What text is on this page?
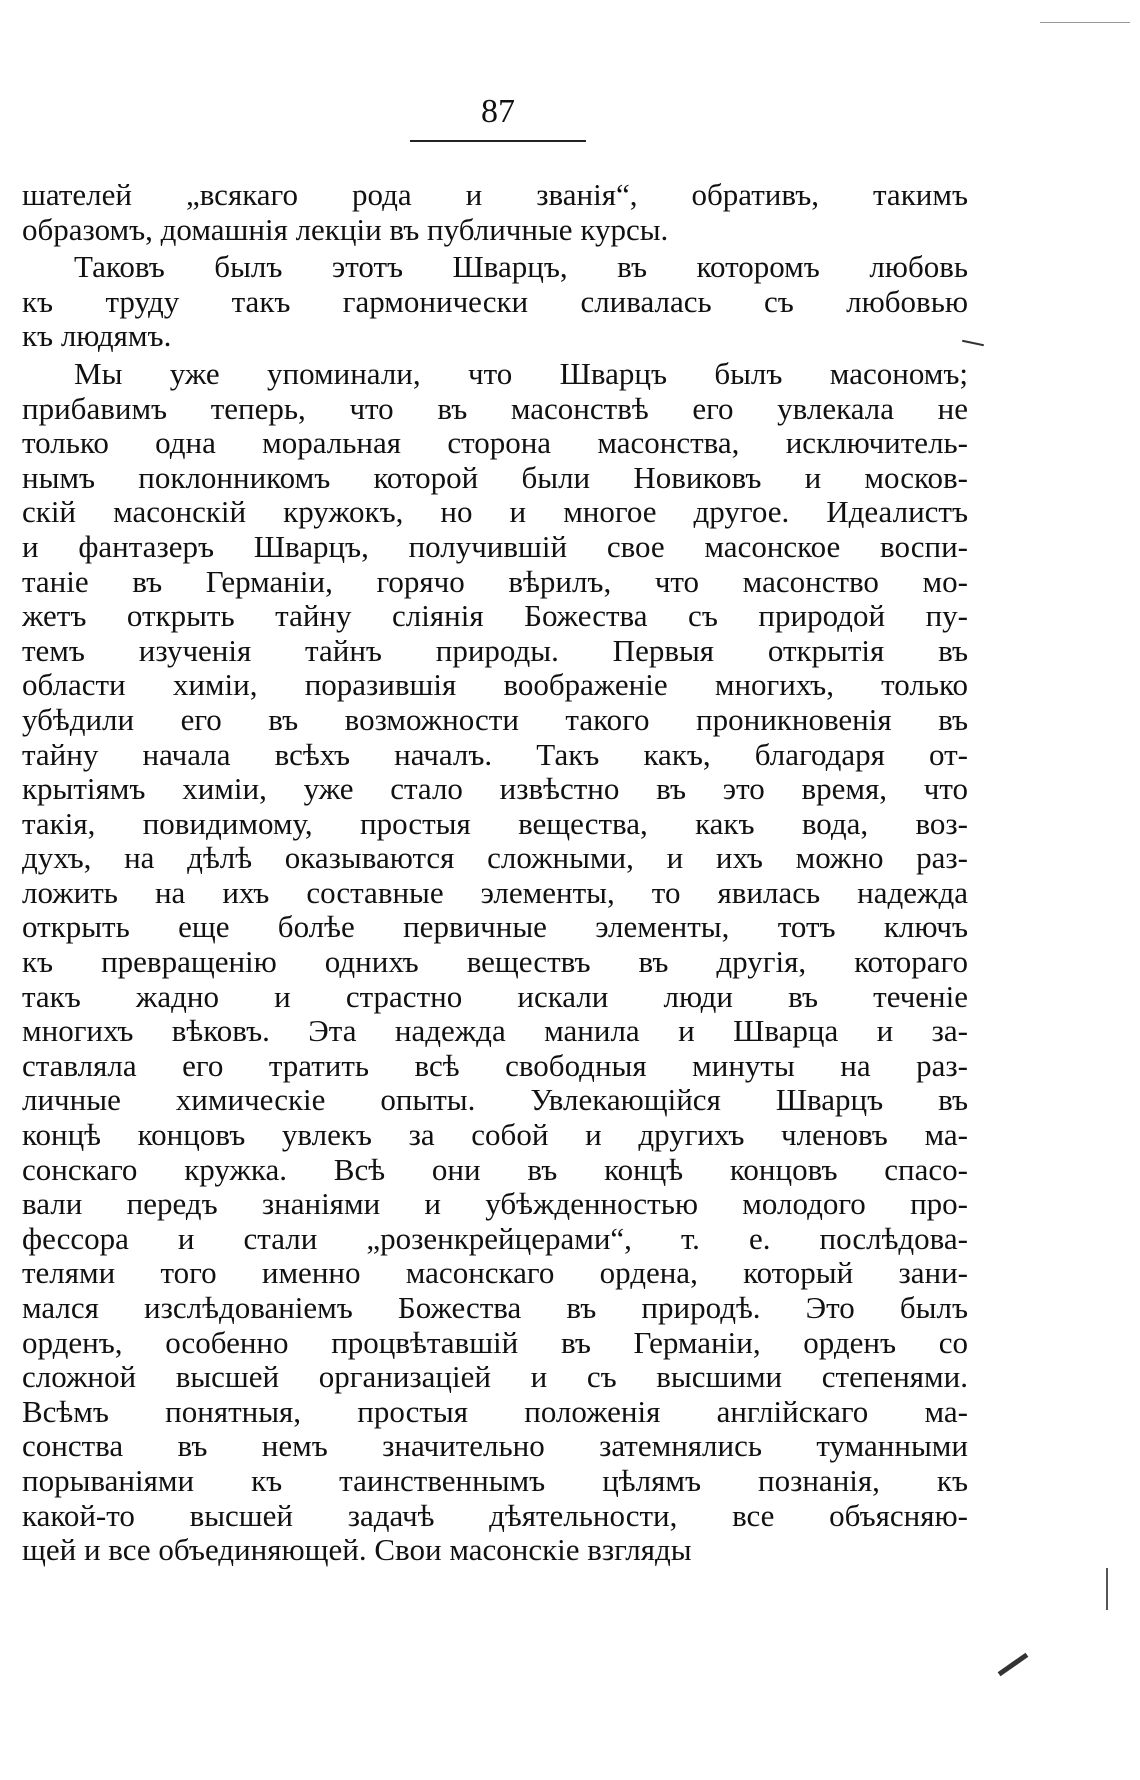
87
шателей „всякаго рода и званія“, обративъ, такимъ
образомъ, домашнія лекціи въ публичные курсы.
Таковъ былъ этотъ Шварцъ, въ которомъ любовь
къ труду такъ гармонически сливалась съ любовью
къ людямъ.
Мы уже упоминали, что Шварцъ былъ масономъ;
прибавимъ теперь, что въ масонствѣ его увлекала не
только одна моральная сторона масонства, исключитель-
нымъ поклонникомъ которой были Новиковъ и москов-
скій масонскій кружокъ, но и многое другое. Идеалистъ
и фантазеръ Шварцъ, получившій свое масонское воспи-
таніе въ Германіи, горячо вѣрилъ, что масонство мо-
жетъ открыть тайну слiянія Божества съ природой пу-
темъ изученія тайнъ природы. Первыя открытія въ
области химіи, поразившія воображеніе многихъ, только
убѣдили его въ возможности такого проникновенія въ
тайну начала всѣхъ началъ. Такъ какъ, благодаря от-
крытіямъ химіи, уже стало извѣстно въ это время, что
такія, повидимому, простыя вещества, какъ вода, воз-
духъ, на дѣлѣ оказываются сложными, и ихъ можно раз-
ложить на ихъ составные элементы, то явилась надежда
открыть еще болѣе первичные элементы, тотъ ключъ
къ превращенію однихъ веществъ въ другія, котораго
такъ жадно и страстно искали люди въ теченіе
многихъ вѣковъ. Эта надежда манила и Шварца и за-
ставляла его тратить всѣ свободныя минуты на раз-
личные химическіе опыты. Увлекающійся Шварцъ въ
концѣ концовъ увлекъ за собой и другихъ членовъ ма-
сонскаго кружка. Всѣ они въ концѣ концовъ спасо-
вали передъ знаніями и убѣжденностью молодого про-
фессора и стали „розенкрейцерами“, т. е. послѣдова-
телями того именно масонскаго ордена, который зани-
мался изслѣдованіемъ Божества въ природѣ. Это былъ
орденъ, особенно процвѣтавшій въ Германіи, орденъ со
сложной высшей организаціей и съ высшими степенями.
Всѣмъ понятныя, простыя положенія англійскаго ма-
сонства въ немъ значительно затемнялись туманными
порываніями къ таинственнымъ цѣлямъ познанія, къ
какой-то высшей задачѣ дѣятельности, все объясняю-
щей и все объединяющей. Свои масонскіе взгляды
